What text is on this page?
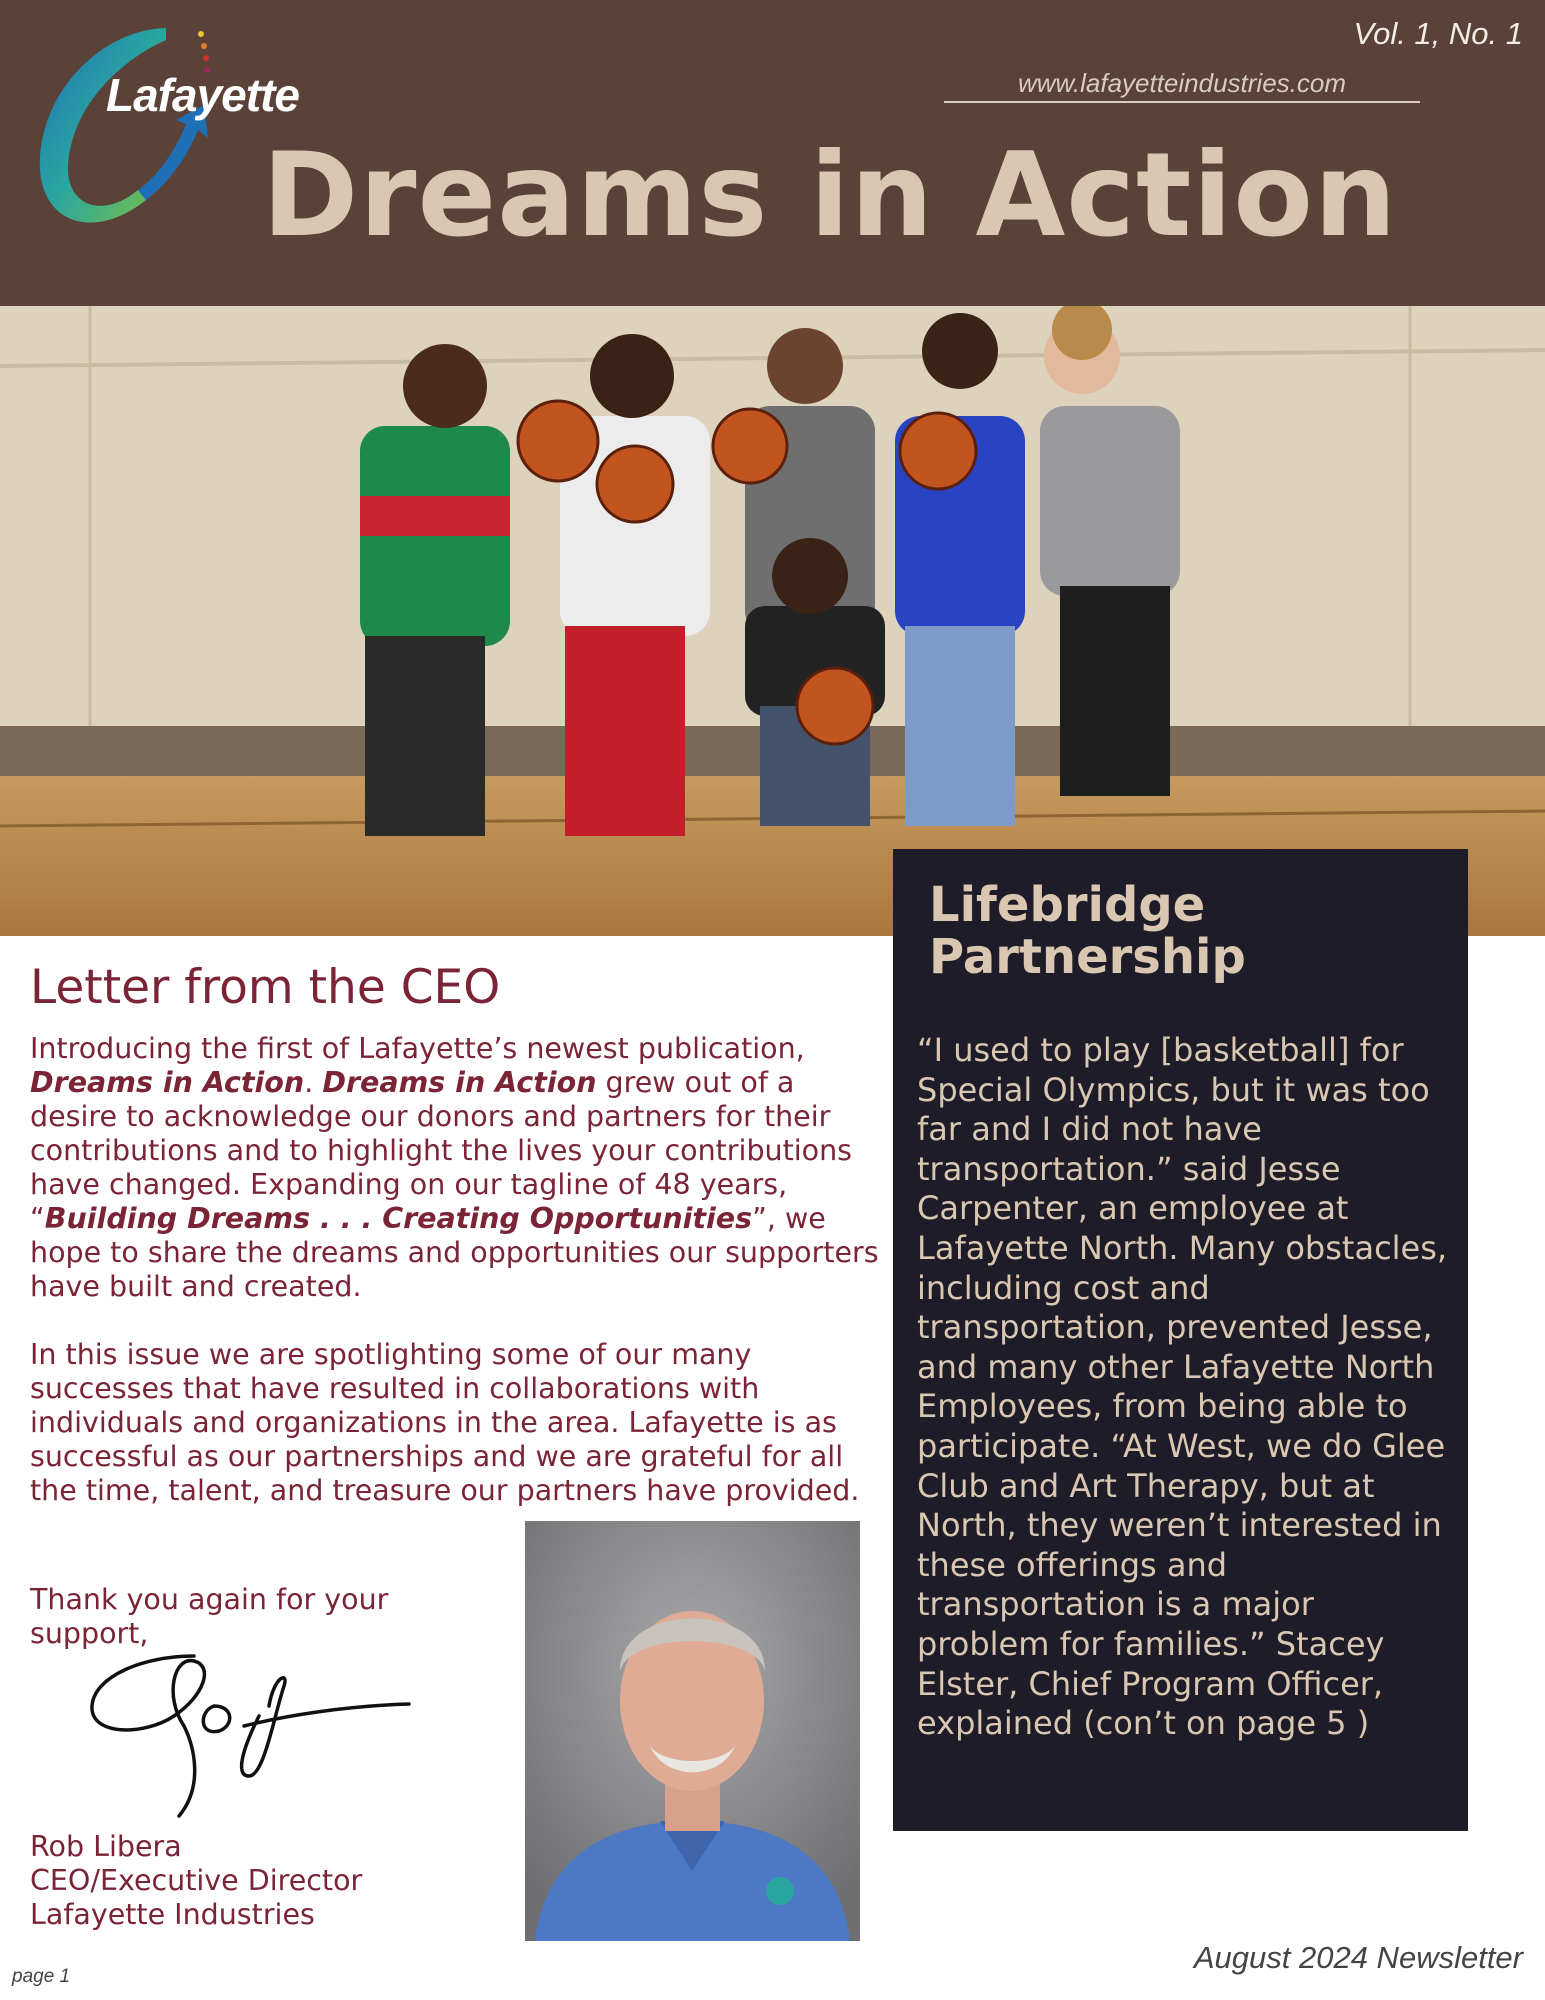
Lafayette
Vol. 1, No. 1
www.lafayetteindustries.com
Dreams in Action
Letter from the CEO

Introducing the first of Lafayette’s newest publication, Dreams in Action. Dreams in Action grew out of a desire to acknowledge our donors and partners for their contributions and to highlight the lives your contributions have changed. Expanding on our tagline of 48 years, “Building Dreams . . . Creating Opportunities”, we hope to share the dreams and opportunities our supporters have built and created.

In this issue we are spotlighting some of our many successes that have resulted in collaborations with individuals and organizations in the area. Lafayette is as successful as our partnerships and we are grateful for all the time, talent, and treasure our partners have provided.

Thank you again for your support,
Rob Libera
CEO/Executive Director
Lafayette Industries
Lifebridge
Partnership
“I used to play [basketball] for Special Olympics, but it was too far and I did not have transportation.” said Jesse Carpenter, an employee at Lafayette North. Many obstacles, including cost and transportation, prevented Jesse, and many other Lafayette North Employees, from being able to participate. “At West, we do Glee Club and Art Therapy, but at North, they weren’t interested in these offerings and transportation is a major problem for families.” Stacey Elster, Chief Program Officer, explained (con’t on page 5 )
page 1
August 2024 Newsletter
